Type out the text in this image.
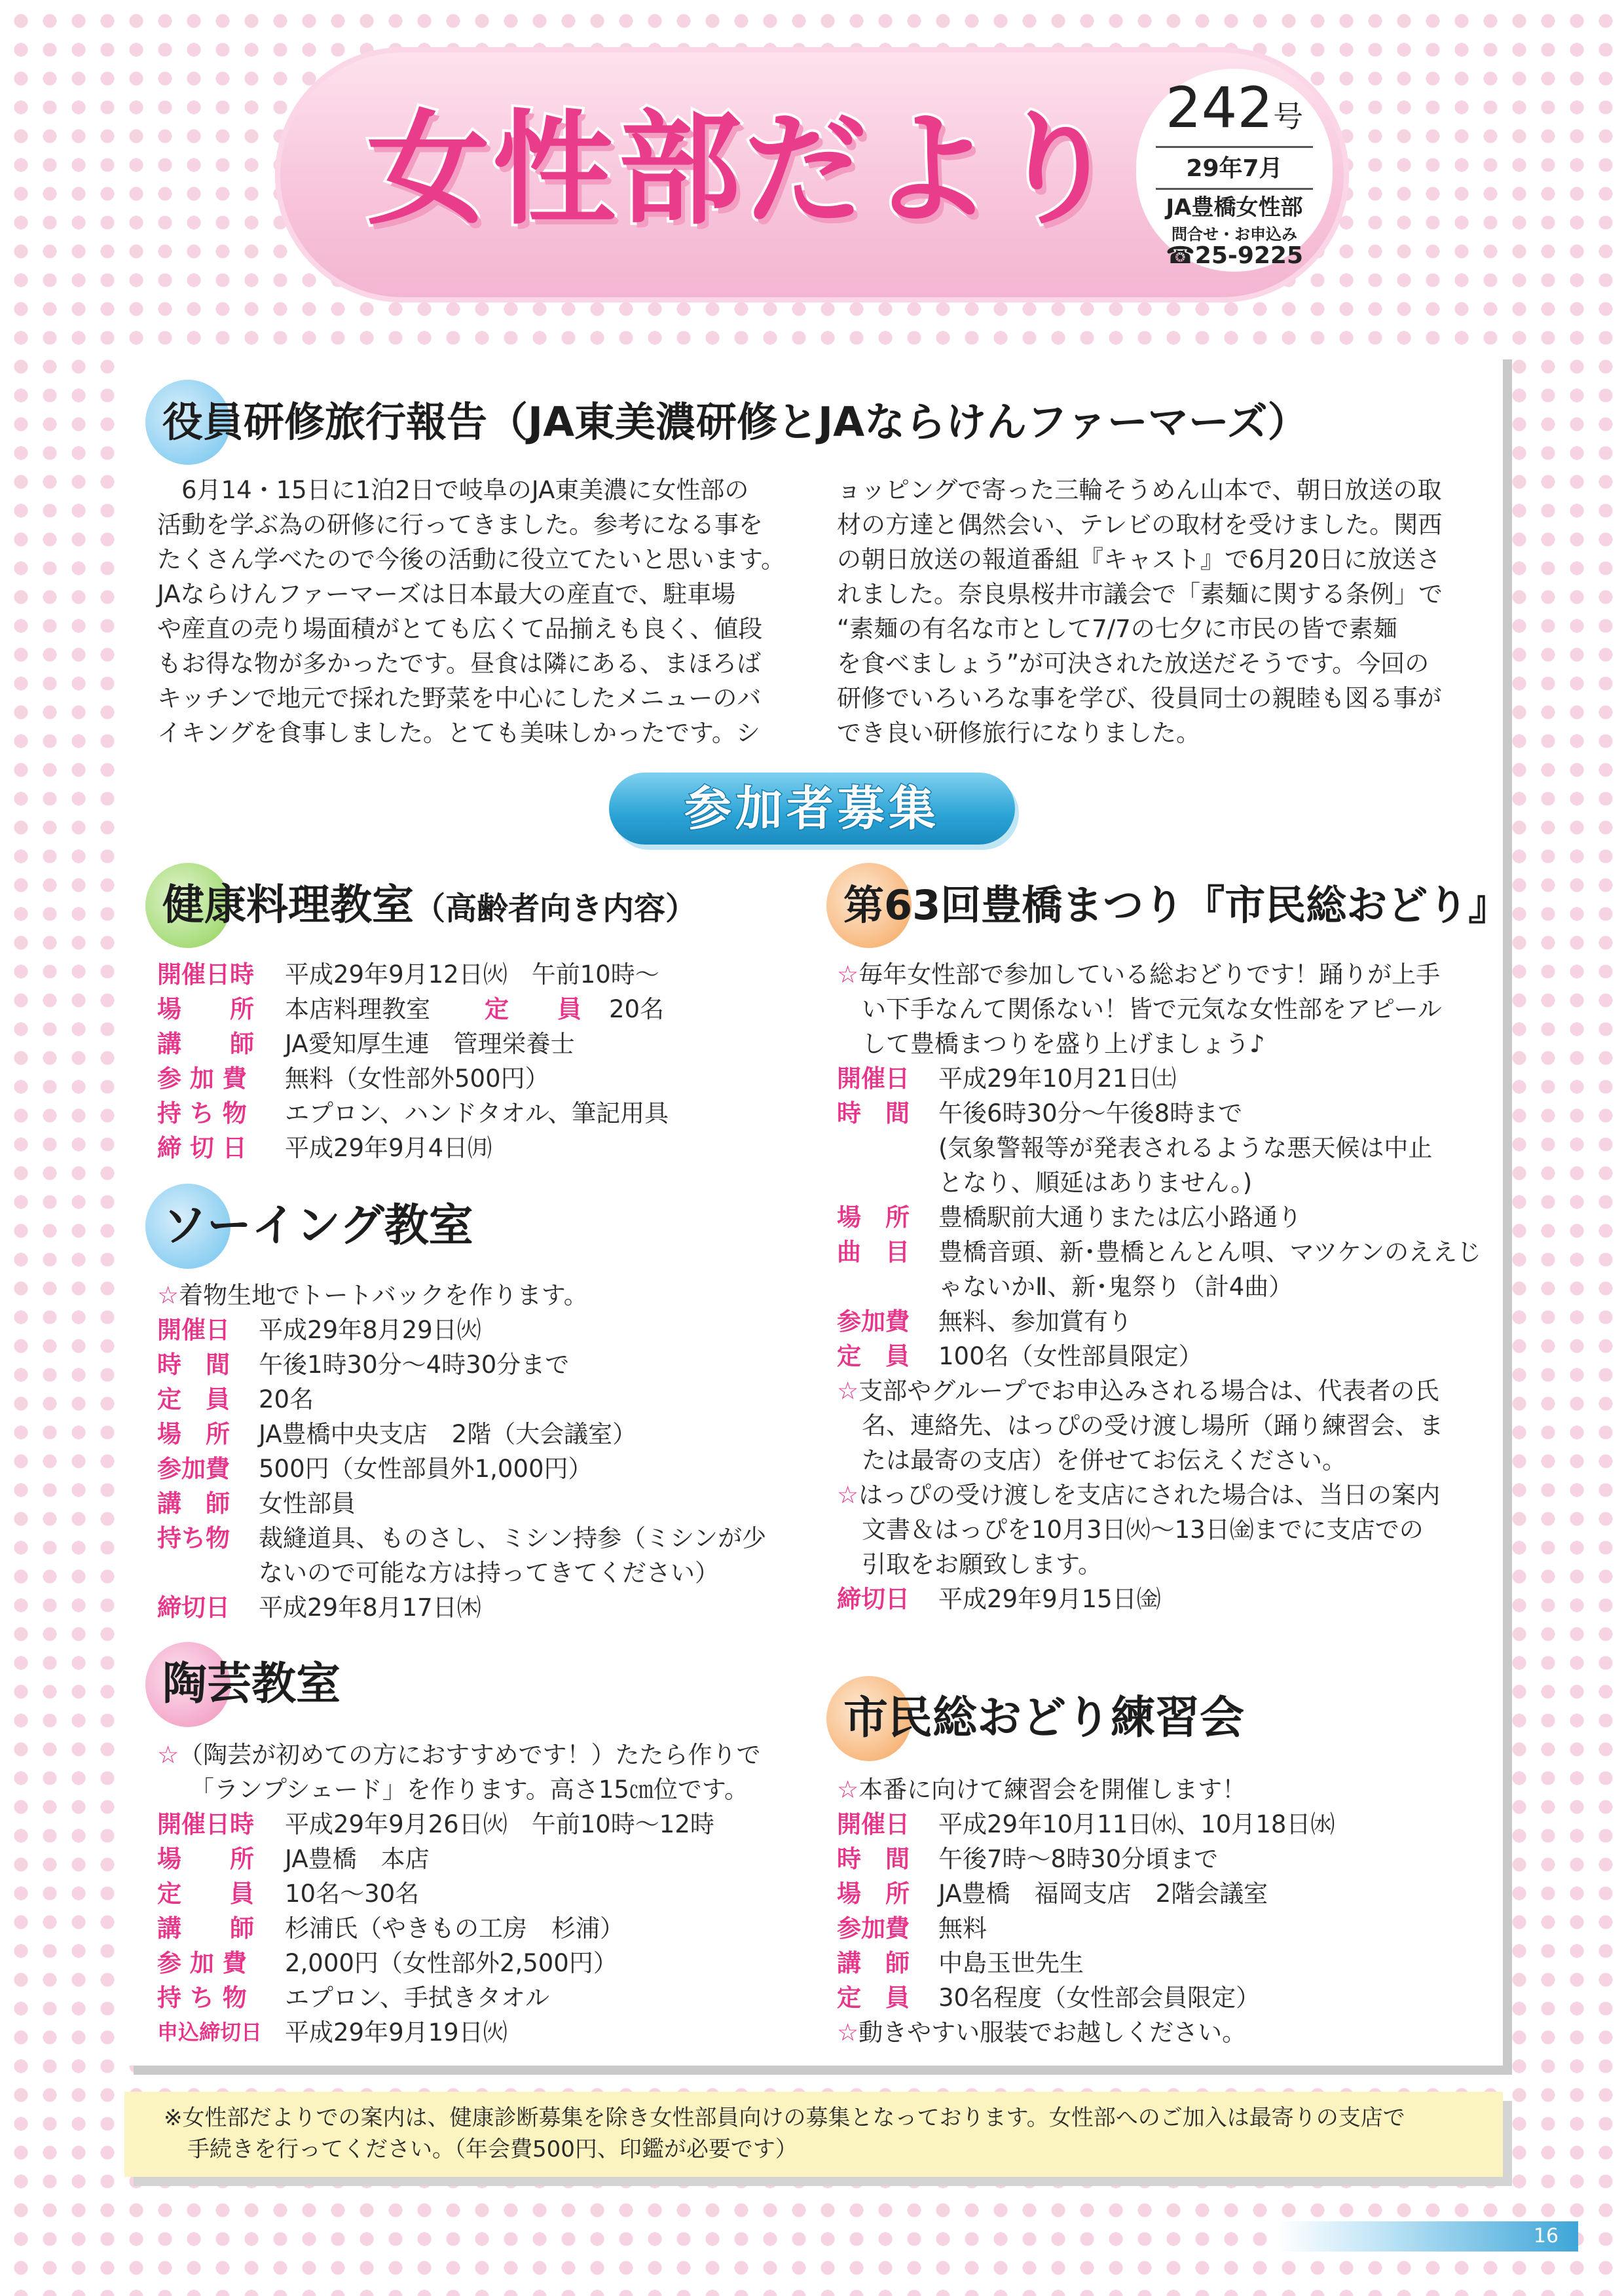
女性部だより 242号
29年7月
JA豊橋女性部
問合せ・お申込み
☎25-9225
役員研修旅行報告（JA東美濃研修とJAならけんファーマーズ）
　6月14・15日に1泊2日で岐阜のJA東美濃に女性部の
活動を学ぶ為の研修に行ってきました。参考になる事を
たくさん学べたので今後の活動に役立てたいと思います。
JAならけんファーマーズは日本最大の産直で、駐車場
や産直の売り場面積がとても広くて品揃えも良く、値段
もお得な物が多かったです。昼食は隣にある、まほろば
キッチンで地元で採れた野菜を中心にしたメニューのバ
イキングを食事しました。とても美味しかったです。シ
ョッピングで寄った三輪そうめん山本で、朝日放送の取
材の方達と偶然会い、テレビの取材を受けました。関西
の朝日放送の報道番組『キャスト』で6月20日に放送さ
れました。奈良県桜井市議会で「素麺に関する条例」で
“素麺の有名な市として7/7の七夕に市民の皆で素麺
を食べましょう”が可決された放送だそうです。今回の
研修でいろいろな事を学び、役員同士の親睦も図る事が
でき良い研修旅行になりました。
参加者募集
健康料理教室（高齢者向き内容）
開催日時 平成29年9月12日㈫　午前10時～
場　　所 本店料理教室 定　　員 20名
講　　師 JA愛知厚生連　管理栄養士
参 加 費 無料（女性部外500円）
持 ち 物 エプロン、ハンドタオル、筆記用具
締 切 日 平成29年9月4日㈪
ソーイング教室
☆着物生地でトートバックを作ります。
開催日 平成29年8月29日㈫
時　間 午後1時30分～4時30分まで
定　員 20名
場　所 JA豊橋中央支店　2階（大会議室）
参加費 500円（女性部員外1,000円）
講　師 女性部員
持ち物 裁縫道具、ものさし、ミシン持参（ミシンが少
ないので可能な方は持ってきてください）
締切日 平成29年8月17日㈭
陶芸教室
☆（陶芸が初めての方におすすめです！）たたら作りで
「ランプシェード」を作ります。高さ15㎝位です。
開催日時 平成29年9月26日㈫　午前10時～12時
場　　所 JA豊橋　本店
定　　員 10名～30名
講　　師 杉浦氏（やきもの工房　杉浦）
参 加 費 2,000円（女性部外2,500円）
持 ち 物 エプロン、手拭きタオル
申込締切日 平成29年9月19日㈫
第63回豊橋まつり『市民総おどり』
☆毎年女性部で参加している総おどりです！踊りが上手
い下手なんて関係ない！皆で元気な女性部をアピール
して豊橋まつりを盛り上げましょう♪
開催日 平成29年10月21日㈯
時　間 午後6時30分～午後8時まで
(気象警報等が発表されるような悪天候は中止
となり、順延はありません。)
場　所 豊橋駅前大通りまたは広小路通り
曲　目 豊橋音頭、新･豊橋とんとん唄、マツケンのええじ
ゃないかⅡ、新･鬼祭り（計4曲）
参加費 無料、参加賞有り
定　員 100名（女性部員限定）
☆支部やグループでお申込みされる場合は、代表者の氏
名、連絡先、はっぴの受け渡し場所（踊り練習会、ま
たは最寄の支店）を併せてお伝えください。
☆はっぴの受け渡しを支店にされた場合は、当日の案内
文書＆はっぴを10月3日㈫～13日㈮までに支店での
引取をお願致します。
締切日 平成29年9月15日㈮
市民総おどり練習会
☆本番に向けて練習会を開催します！
開催日 平成29年10月11日㈬、10月18日㈬
時　間 午後7時～8時30分頃まで
場　所 JA豊橋　福岡支店　2階会議室
参加費 無料
講　師 中島玉世先生
定　員 30名程度（女性部会員限定）
☆動きやすい服装でお越しください。
※女性部だよりでの案内は、健康診断募集を除き女性部員向けの募集となっております。女性部へのご加入は最寄りの支店で
手続きを行ってください。（年会費500円、印鑑が必要です）
16
